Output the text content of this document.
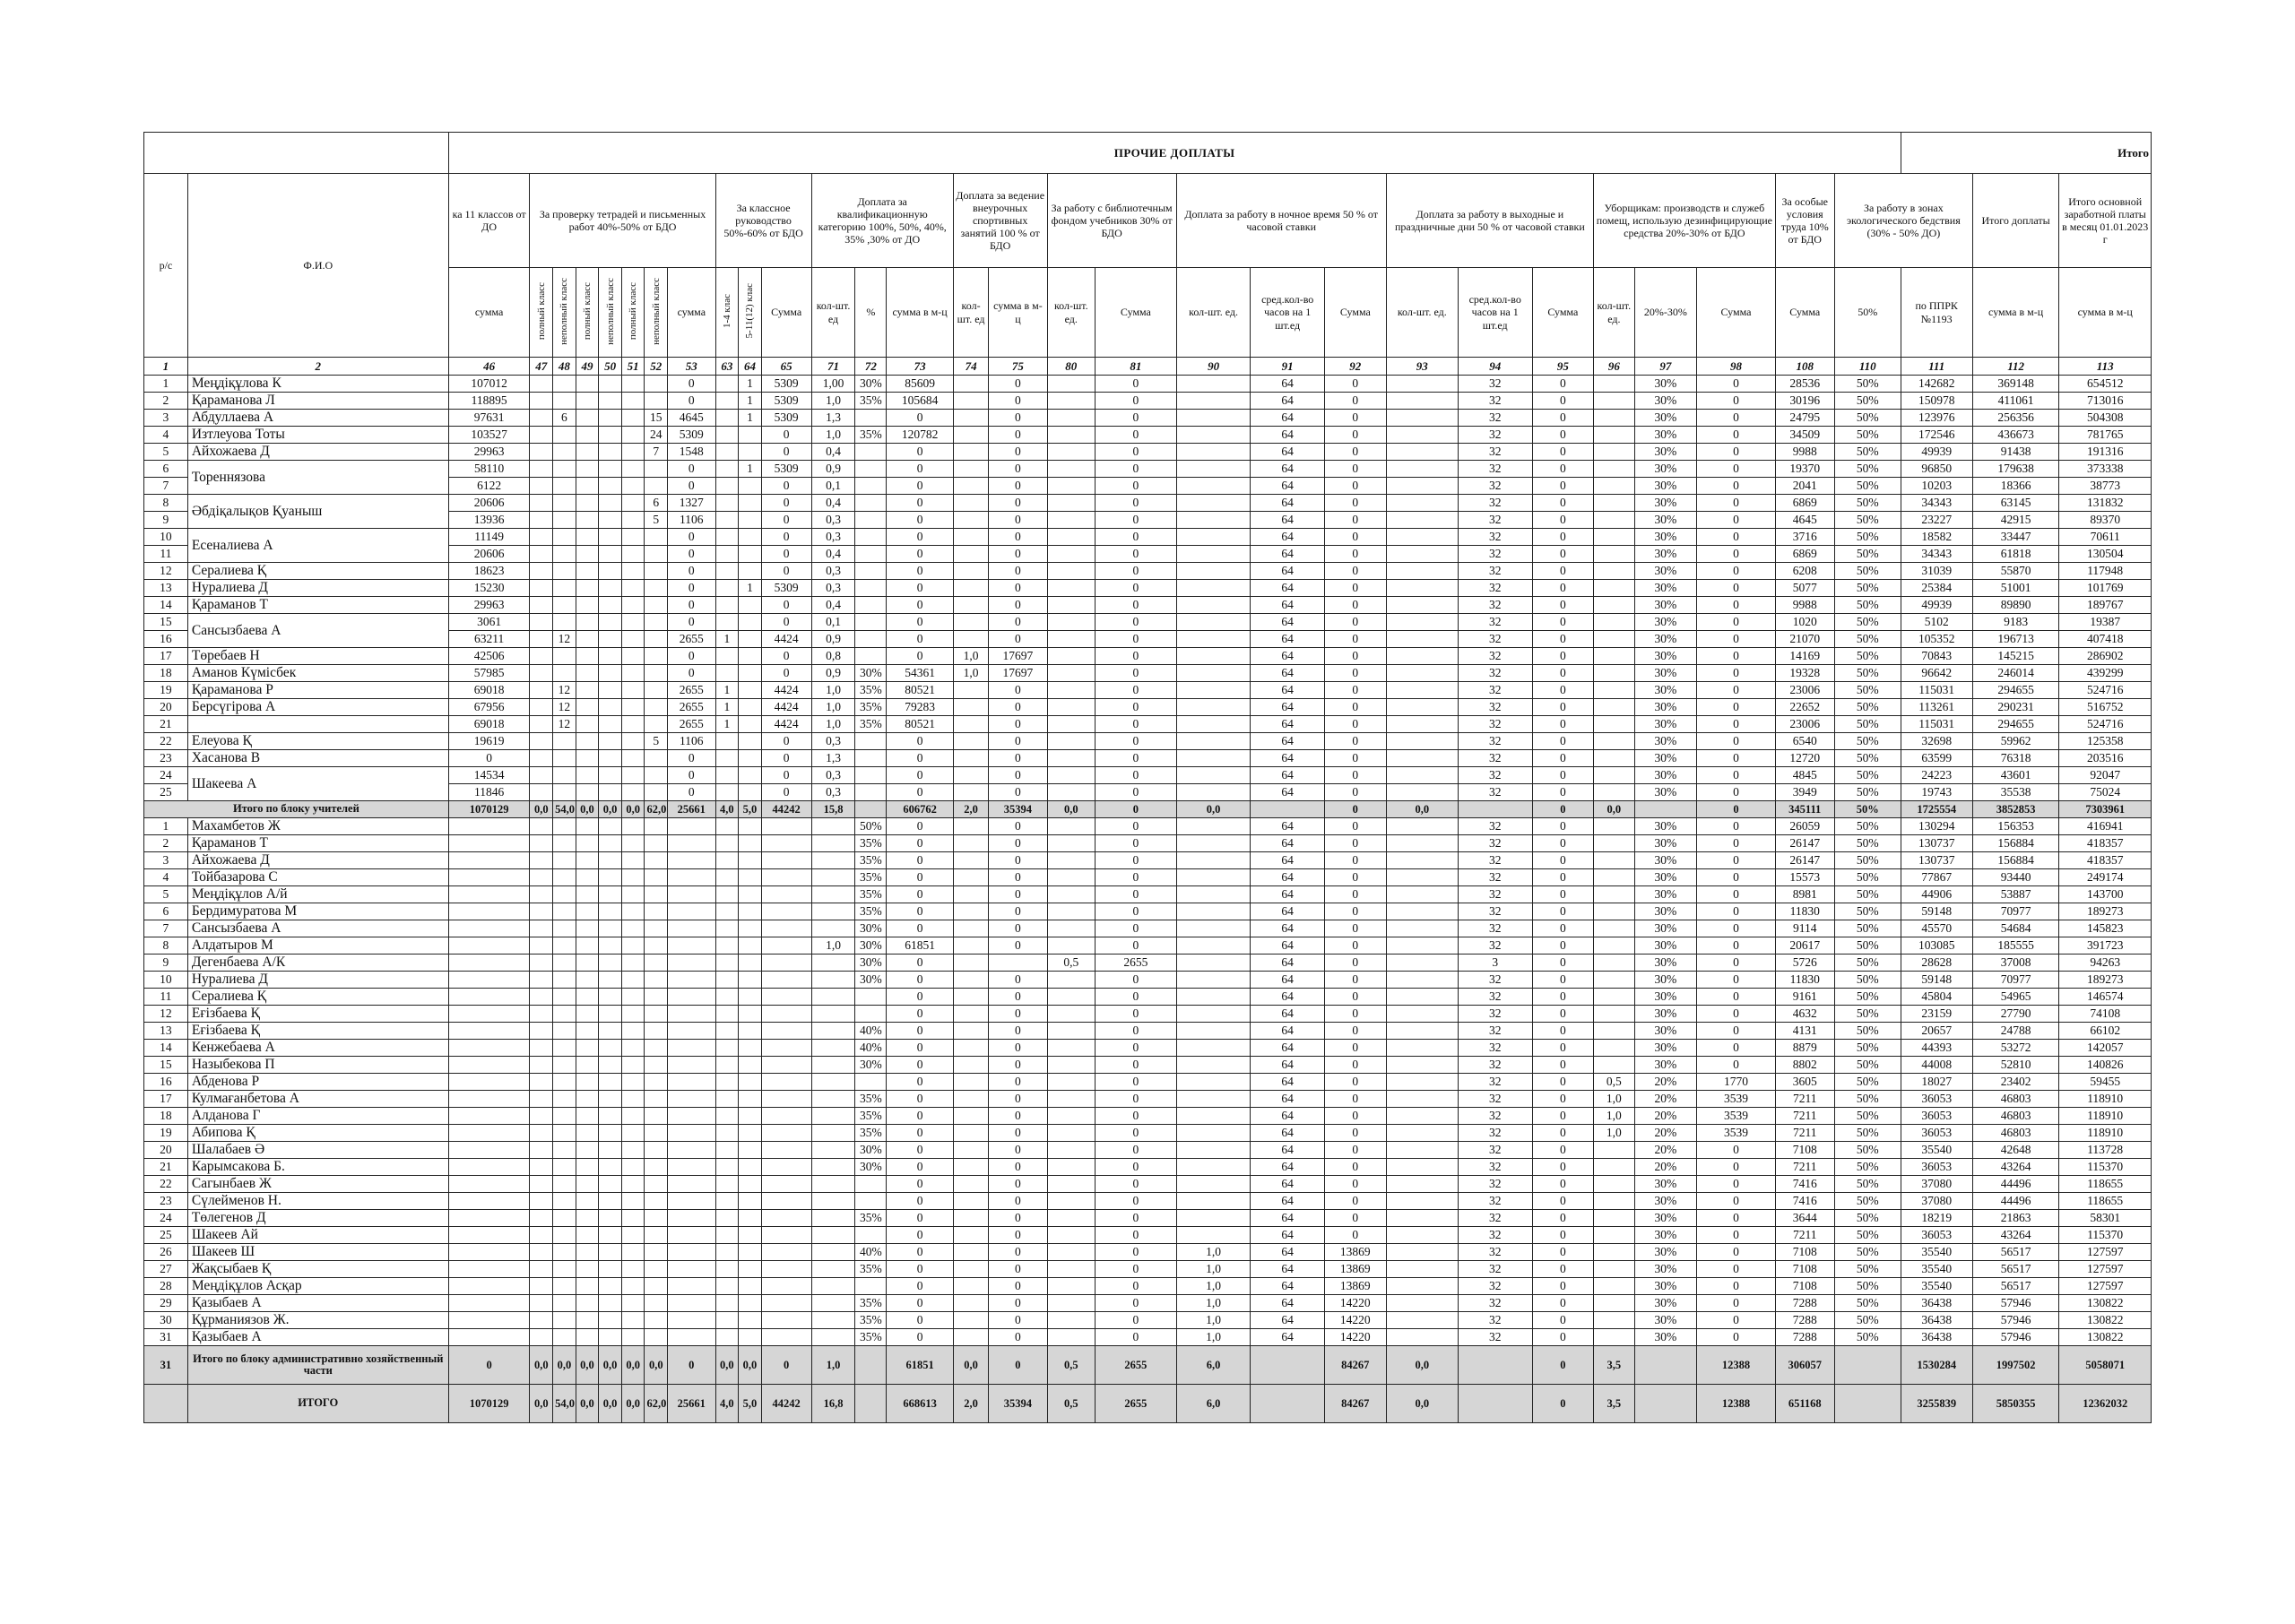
		ПРОЧИЕ ДОПЛАТЫ																													Итого		
р/с	Ф.И.О	ка 11 классов от ДО	За проверку тетрадей и письменных работ 40%-50% от БДО							За классное руководство 50%-60% от БДО			Доплата за квалификационную категорию 100%, 50%, 40%, 35% ,30% от ДО			Доплата за ведение внеурочных спортивных занятий 100 % от БДО		За работу с библиотечным фондом учебников 30% от БДО		Доплата за работу в ночное время 50 % от часовой ставки			Доплата за работу в выходные и праздничные дни 50 % от часовой ставки			Уборщикам: производств и служеб помещ, использую дезинфицирующие средства 20%-30% от БДО			За особые условия труда 10% от БДО	За работу в зонах экологического бедствия (30% - 50% ДО)		Итого доплаты	Итого основной заработной платы в месяц 01.01.2023 г
		сумма	полный класс	неполный класс	полный класс	неполный класс	полный класс	неполный класс	сумма	1-4 клас	5-11(12) клас	Сумма	кол-шт. ед	%	сумма в м-ц	кол-шт. ед	сумма в м-ц	кол-шт. ед.	Сумма	кол-шт. ед.	сред.кол-во часов на 1 шт.ед	Сумма	кол-шт. ед.	сред.кол-во часов на 1 шт.ед	Сумма	кол-шт. ед.	20%-30%	Сумма	Сумма	50%	по ППРК №1193	сумма в м-ц	сумма в м-ц
1	2	46	47	48	49	50	51	52	53	63	64	65	71	72	73	74	75	80	81	90	91	92	93	94	95	96	97	98	108	110	111	112	113
1	Меңдіқұлова К	107012							0		1	5309	1,00	30%	85609		0		0		64	0		32	0		30%	0	28536	50%	142682	369148	654512
2	Қараманова Л	118895							0		1	5309	1,0	35%	105684		0		0		64	0		32	0		30%	0	30196	50%	150978	411061	713016
3	Абдуллаева А	97631		6				15	4645		1	5309	1,3		0		0		0		64	0		32	0		30%	0	24795	50%	123976	256356	504308
4	Изтлеуова Тоты	103527						24	5309			0	1,0	35%	120782		0		0		64	0		32	0		30%	0	34509	50%	172546	436673	781765
5	Айхожаева Д	29963						7	1548			0	0,4		0		0		0		64	0		32	0		30%	0	9988	50%	49939	91438	191316
6	Тореннязова	58110							0		1	5309	0,9		0		0		0		64	0		32	0		30%	0	19370	50%	96850	179638	373338
7		6122							0			0	0,1		0		0		0		64	0		32	0		30%	0	2041	50%	10203	18366	38773
8	Әбдіқалықов Қуаныш	20606						6	1327			0	0,4		0		0		0		64	0		32	0		30%	0	6869	50%	34343	63145	131832
9		13936						5	1106			0	0,3		0		0		0		64	0		32	0		30%	0	4645	50%	23227	42915	89370
10	Есеналиева А	11149							0			0	0,3		0		0		0		64	0		32	0		30%	0	3716	50%	18582	33447	70611
11		20606							0			0	0,4		0		0		0		64	0		32	0		30%	0	6869	50%	34343	61818	130504
12	Сералиева Қ	18623							0			0	0,3		0		0		0		64	0		32	0		30%	0	6208	50%	31039	55870	117948
13	Нуралиева Д	15230							0		1	5309	0,3		0		0		0		64	0		32	0		30%	0	5077	50%	25384	51001	101769
14	Қараманов Т	29963							0			0	0,4		0		0		0		64	0		32	0		30%	0	9988	50%	49939	89890	189767
15	Сансызбаева А	3061							0			0	0,1		0		0		0		64	0		32	0		30%	0	1020	50%	5102	9183	19387
16		63211		12					2655	1		4424	0,9		0		0		0		64	0		32	0		30%	0	21070	50%	105352	196713	407418
17	Төребаев Н	42506							0			0	0,8		0	1,0	17697		0		64	0		32	0		30%	0	14169	50%	70843	145215	286902
18	Аманов Күмісбек	57985							0			0	0,9	30%	54361	1,0	17697		0		64	0		32	0		30%	0	19328	50%	96642	246014	439299
19	Қараманова Р	69018		12					2655	1		4424	1,0	35%	80521		0		0		64	0		32	0		30%	0	23006	50%	115031	294655	524716
20	Берсүгірова А	67956		12					2655	1		4424	1,0	35%	79283		0		0		64	0		32	0		30%	0	22652	50%	113261	290231	516752
21		69018		12					2655	1		4424	1,0	35%	80521		0		0		64	0		32	0		30%	0	23006	50%	115031	294655	524716
22	Елеуова Қ	19619						5	1106			0	0,3		0		0		0		64	0		32	0		30%	0	6540	50%	32698	59962	125358
23	Хасанова В	0							0			0	1,3		0		0		0		64	0		32	0		30%	0	12720	50%	63599	76318	203516
24	Шакеева А	14534							0			0	0,3		0		0		0		64	0		32	0		30%	0	4845	50%	24223	43601	92047
25		11846							0			0	0,3		0		0		0		64	0		32	0		30%	0	3949	50%	19743	35538	75024
Итого по блоку учителей		1070129	0,0	54,0	0,0	0,0	0,0	62,0	25661	4,0	5,0	44242	15,8		606762	2,0	35394	0,0	0	0,0		0	0,0		0	0,0		0	345111	50%	1725554	3852853	7303961
1	Махамбетов Ж													50%	0		0		0		64	0		32	0		30%	0	26059	50%	130294	156353	416941
2	Қараманов Т													35%	0		0		0		64	0		32	0		30%	0	26147	50%	130737	156884	418357
3	Айхожаева Д													35%	0		0		0		64	0		32	0		30%	0	26147	50%	130737	156884	418357
4	Тойбазарова С													35%	0		0		0		64	0		32	0		30%	0	15573	50%	77867	93440	249174
5	Меңдіқұлов А/й													35%	0		0		0		64	0		32	0		30%	0	8981	50%	44906	53887	143700
6	Бердимуратова М													35%	0		0		0		64	0		32	0		30%	0	11830	50%	59148	70977	189273
7	Сансызбаева А													30%	0		0		0		64	0		32	0		30%	0	9114	50%	45570	54684	145823
8	Алдатыров М												1,0	30%	61851		0		0		64	0		32	0		30%	0	20617	50%	103085	185555	391723
9	Дегенбаева А/К													30%	0			0,5	2655		64	0		3	0		30%	0	5726	50%	28628	37008	94263
10	Нуралиева Д													30%	0		0		0		64	0		32	0		30%	0	11830	50%	59148	70977	189273
11	Сералиева Қ														0		0		0		64	0		32	0		30%	0	9161	50%	45804	54965	146574
12	Еғізбаева Қ														0		0		0		64	0		32	0		30%	0	4632	50%	23159	27790	74108
13	Еғізбаева Қ													40%	0		0		0		64	0		32	0		30%	0	4131	50%	20657	24788	66102
14	Кенжебаева А													40%	0		0		0		64	0		32	0		30%	0	8879	50%	44393	53272	142057
15	Назыбекова П													30%	0		0		0		64	0		32	0		30%	0	8802	50%	44008	52810	140826
16	Абденова Р														0		0		0		64	0		32	0	0,5	20%	1770	3605	50%	18027	23402	59455
17	Кулмағанбетова А													35%	0		0		0		64	0		32	0	1,0	20%	3539	7211	50%	36053	46803	118910
18	Алданова Г													35%	0		0		0		64	0		32	0	1,0	20%	3539	7211	50%	36053	46803	118910
19	Абипова Қ													35%	0		0		0		64	0		32	0	1,0	20%	3539	7211	50%	36053	46803	118910
20	Шалабаев Ә													30%	0		0		0		64	0		32	0		20%	0	7108	50%	35540	42648	113728
21	Карымсакова Б.													30%	0		0		0		64	0		32	0		20%	0	7211	50%	36053	43264	115370
22	Сагынбаев Ж														0		0		0		64	0		32	0		30%	0	7416	50%	37080	44496	118655
23	Сүлейменов Н.														0		0		0		64	0		32	0		30%	0	7416	50%	37080	44496	118655
24	Төлегенов Д													35%	0		0		0		64	0		32	0		30%	0	3644	50%	18219	21863	58301
25	Шакеев Ай														0		0		0		64	0		32	0		30%	0	7211	50%	36053	43264	115370
26	Шакеев Ш													40%	0		0		0	1,0	64	13869		32	0		30%	0	7108	50%	35540	56517	127597
27	Жақсыбаев Қ													35%	0		0		0	1,0	64	13869		32	0		30%	0	7108	50%	35540	56517	127597
28	Меңдіқұлов Асқар														0		0		0	1,0	64	13869		32	0		30%	0	7108	50%	35540	56517	127597
29	Қазыбаев А													35%	0		0		0	1,0	64	14220		32	0		30%	0	7288	50%	36438	57946	130822
30	Құрманиязов Ж.													35%	0		0		0	1,0	64	14220		32	0		30%	0	7288	50%	36438	57946	130822
31	Қазыбаев А													35%	0		0		0	1,0	64	14220		32	0		30%	0	7288	50%	36438	57946	130822
31	Итого по блоку административно хозяйственный части	0	0,0	0,0	0,0	0,0	0,0	0,0	0	0,0	0,0	0	1,0		61851	0,0	0	0,5	2655	6,0		84267	0,0		0	3,5		12388	306057		1530284	1997502	5058071
	ИТОГО	1070129	0,0	54,0	0,0	0,0	0,0	62,0	25661	4,0	5,0	44242	16,8		668613	2,0	35394	0,5	2655	6,0		84267	0,0		0	3,5		12388	651168		3255839	5850355	12362032
